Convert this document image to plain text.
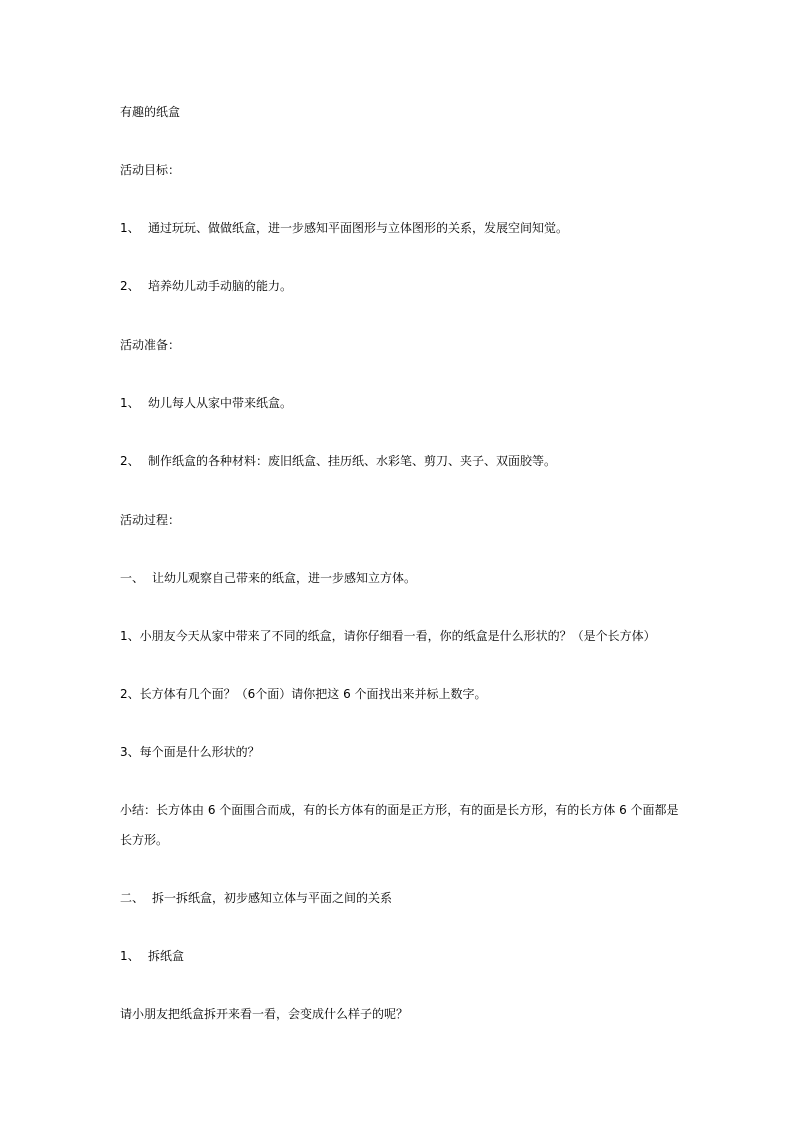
有趣的纸盒
活动目标：
1、 通过玩玩、做做纸盒，进一步感知平面图形与立体图形的关系，发展空间知觉。
2、 培养幼儿动手动脑的能力。
活动准备：
1、 幼儿每人从家中带来纸盒。
2、 制作纸盒的各种材料：废旧纸盒、挂历纸、水彩笔、剪刀、夹子、双面胶等。
活动过程：
一、 让幼儿观察自己带来的纸盒，进一步感知立方体。
1、小朋友今天从家中带来了不同的纸盒，请你仔细看一看，你的纸盒是什么形状的？（是个长方体）
2、长方体有几个面？（6个面）请你把这 6 个面找出来并标上数字。
3、每个面是什么形状的？
小结：长方体由 6 个面围合而成，有的长方体有的面是正方形，有的面是长方形，有的长方体 6 个面都是
长方形。
二、 拆一拆纸盒，初步感知立体与平面之间的关系
1、 拆纸盒
请小朋友把纸盒拆开来看一看，会变成什么样子的呢？
